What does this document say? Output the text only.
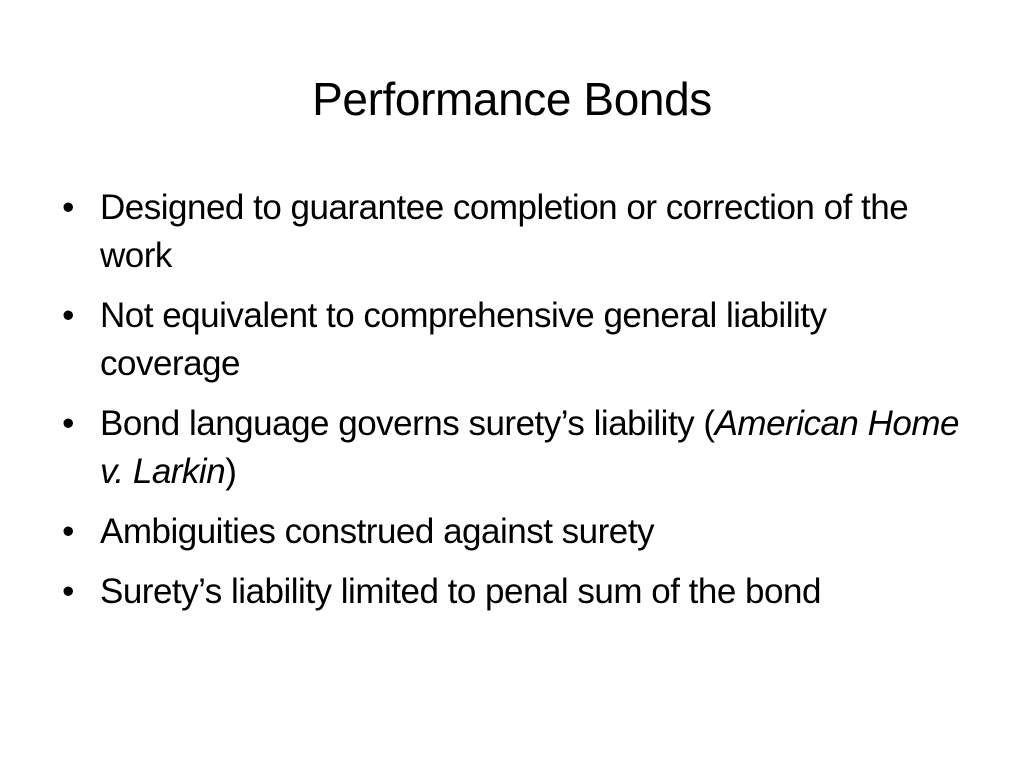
Performance Bonds
• Designed to guarantee completion or correction of the work
• Not equivalent to comprehensive general liability coverage
• Bond language governs surety’s liability (American Home v. Larkin)
• Ambiguities construed against surety
• Surety’s liability limited to penal sum of the bond
